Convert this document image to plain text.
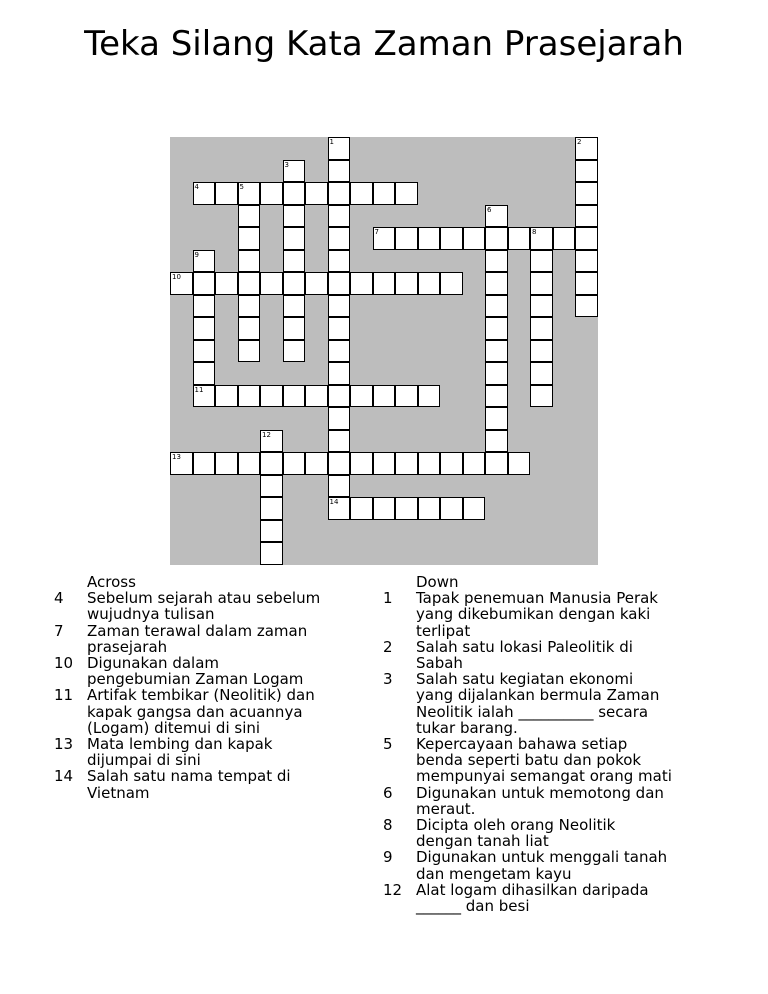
Teka Silang Kata Zaman Prasejarah
1	2
3
4	5
6
7	8
9
11
10
12
13
14
Across
4	Sebelum sejarah atau sebelum wujudnya tulisan
7	Zaman terawal dalam zaman prasejarah
10 Digunakan dalam pengebumian Zaman Logam
11 Artifak tembikar (Neolitik) dan kapak gangsa dan acuannya (Logam) ditemui di sini
13 Mata lembing dan kapak dijumpai di sini
14 Salah satu nama tempat di Vietnam
Down
1	Tapak penemuan Manusia Perak yang dikebumikan dengan kaki terlipat
2	Salah satu lokasi Paleolitik di Sabah
3	Salah satu kegiatan ekonomi yang dijalankan bermula Zaman Neolitik ialah __________ secara tukar barang.
5	Kepercayaan bahawa setiap benda seperti batu dan pokok mempunyai semangat orang mati
6	Digunakan untuk memotong dan meraut.
8	Dicipta oleh orang Neolitik dengan tanah liat
9	Digunakan untuk menggali tanah dan mengetam kayu
12 Alat logam dihasilkan daripada ______ dan besi
